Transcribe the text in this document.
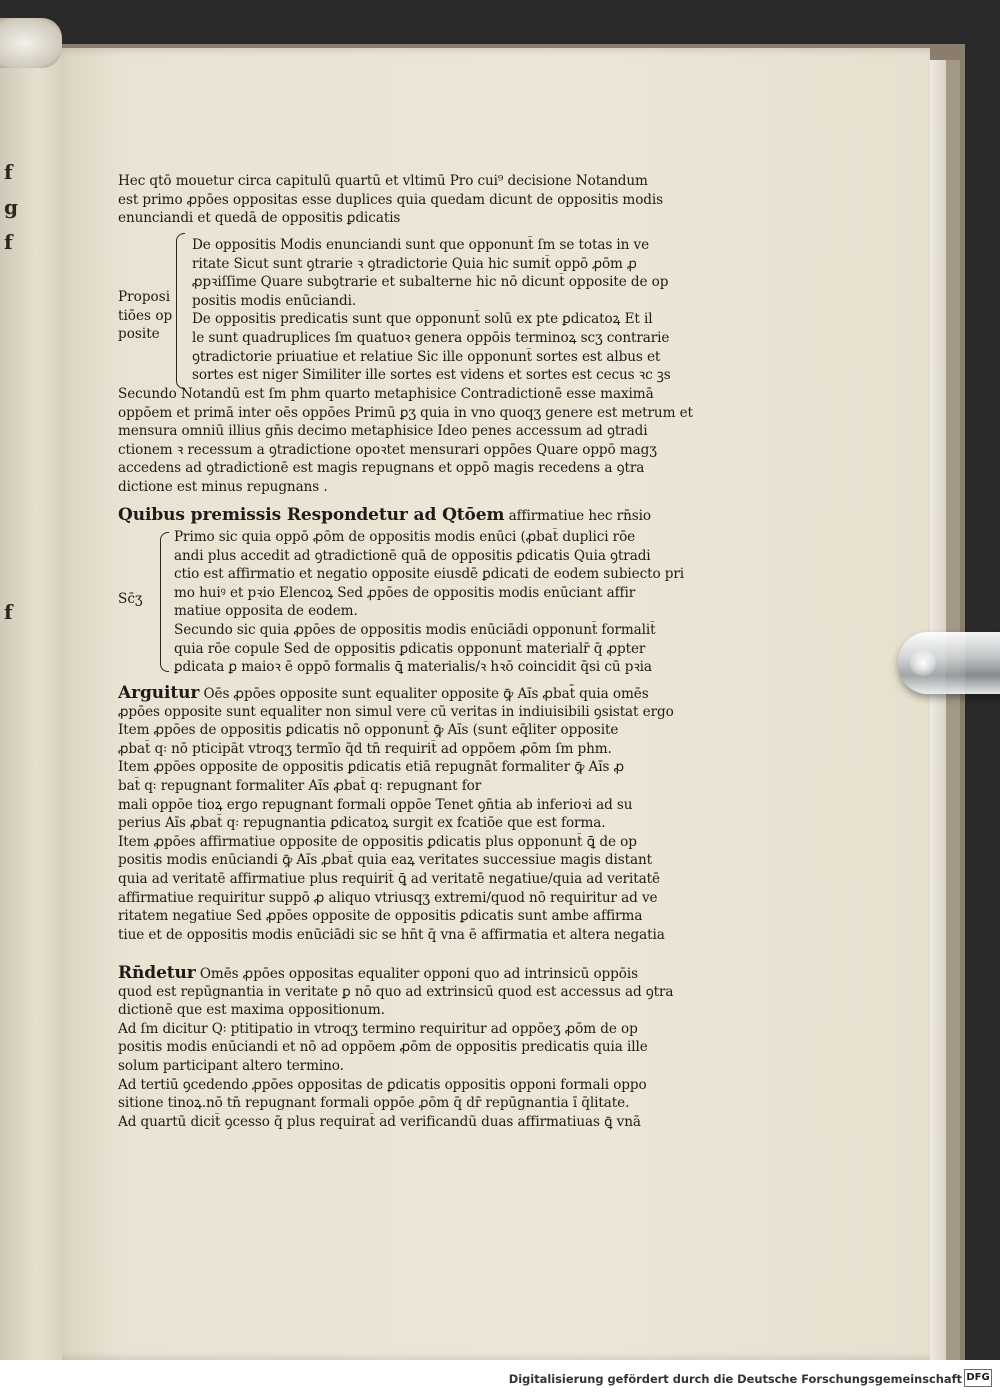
f
g
f
f
Proposi
tiōes op
posite
Sc̄ʒ
Hec qtō mouetur circa capitulū quartū et vltimū Pro cui⁹ decisione Notandum
est primo ꝓpōes oppositas esse duplices quia quedam dicunt de oppositis modis
enunciandi et quedā de oppositis ꝑdicatis
De oppositis Modis enunciandi sunt que opponunt̄ ſm se totas in ve
ritate Sicut sunt ꝯtrarie ꝛ ꝯtradictorie Quia hic sumit̄ oppō ꝓōm ꝓ
ꝓpꝛiſſime Quare subꝯtrarie et subalterne hic nō dicunt̄ opposite de op
positis modis enūciandi.
De oppositis predicatis sunt que opponunt̄ solū ex pte ꝑdicatoꝝ Et il
le sunt quadruplices ſm quatuoꝛ genera oppōis terminoꝝ scʒ contrarie
ꝯtradictorie priuatiue et relatiue Sic ille opponunt̄ sortes est albus et
sortes est niger Similiter ille sortes est videns et sortes est cecus ꝛc ꝫs
Secundo Notandū est ſm phm quarto metaphisice Contradictionē esse maximā
oppōem et primā inter oēs oppōes Primū ꝑʒ quia in vno quoqʒ genere est metrum et
mensura omniū illius gn̄is decimo metaphisice Ideo penes accessum ad ꝯtradi
ctionem ꝛ recessum a ꝯtradictione opoꝛtet mensurari oppōes Quare oppō magʒ
accedens ad ꝯtradictionē est magis repugnans et oppō magis recedens a ꝯtra
dictione est minus repugnans .
Quibus premissis Respondetur ad Qtōem affirmatiue hec rn̄sio
Primo sic quia oppō ꝓōm de oppositis modis enūci (ꝓbat̄ duplici rōe
andi plus accedit ad ꝯtradictionē quā de oppositis ꝑdicatis Quia ꝯtradi
ctio est affirmatio et negatio opposite eiusdē ꝑdicati de eodem subiecto pri
mo huiꝰ et pꝛio Elencoꝝ Sed ꝓpōes de oppositis modis enūciant affir
matiue opposita de eodem.
Secundo sic quia ꝓpōes de oppositis modis enūciādi opponunt̄ formalit̄
quia rōe copule Sed de oppositis ꝑdicatis opponunt̄ materialr̄ q̄ ꝓpter
ꝑdicata ꝑ maioꝛ ē oppō formalis ꝗ̄ materialis/ꝛ hꝛō coincidit q̄si cū pꝛia
Arguitur Oēs ꝓpōes opposite sunt equaliter opposite ꝙ̄ Aı̄s ꝓbat̄ quia omēs
ꝓpōes opposite sunt equaliter non simul vere cū veritas in indiuisibili ꝯsistat ergo
Item ꝓpōes de oppositis ꝑdicatis nō opponunt̄ ꝙ̄ Aı̄s (sunt eq̄liter opposite
ꝓbat̄ q꞉ nō pticipāt vtroqʒ termīo q̄d tn̄ requirit̄ ad oppōem ꝓōm ſm phm.
Item ꝓpōes opposite de oppositis ꝑdicatis etiā repugnāt formaliter ꝙ̄ Aı̄s ꝓ
bat̄ q꞉ repugnant formaliter Aı̄s ꝓbat̄ q꞉ repugnant for
mali oppōe tioꝝ ergo repugnant formali oppōe Tenet ꝯn̄tia ab inferioꝛi ad su
perius Aı̄s ꝓbat̄ q꞉ repugnantia ꝑdicatoꝝ surgit ex fcatiōe que est forma.
Item ꝓpōes affirmatiue opposite de oppositis ꝑdicatis plus opponunt̄ ꝗ̄ de op
positis modis enūciandi ꝙ̄ Aı̄s ꝓbat̄ quia eaꝝ veritates successiue magis distant
quia ad veritatē affirmatiue plus requirit̄ ꝗ̄ ad veritatē negatiue/quia ad veritatē
affirmatiue requiritur suppō ꝓ aliquo vtriusqʒ extremi/quod nō requiritur ad ve
ritatem negatiue Sed ꝓpōes opposite de oppositis ꝑdicatis sunt ambe affirma
tiue et de oppositis modis enūciādi sic se hn̄t q̄ vna ē affirmatia et altera negatia
Rn̄detur Omēs ꝓpōes oppositas equaliter opponi quo ad intrinsicū oppōis
quod est repūgnantia in veritate ꝑ nō quo ad extrinsicū quod est accessus ad ꝯtra
dictionē que est maxima oppositionum.
Ad ſm dicitur Q꞉ ptitipatio in vtroqʒ termino requiritur ad oppōeʒ ꝓōm de op
positis modis enūciandi et nō ad oppōem ꝓōm de oppositis predicatis quia ille
solum participant altero termino.
Ad tertiū ꝯcedendo ꝓpōes oppositas de ꝑdicatis oppositis opponi formali oppo
sitione tinoꝝ.nō tn̄ repugnant formali oppōe ꝓōm q̄ dr̄ repūgnantia ı̄ q̄litate.
Ad quartū dicit̄ ꝯcesso q̄ plus requirat̄ ad verificandū duas affirmatiuas ꝗ̄ vnā
Digitalisierung gefördert durch die Deutsche Forschungsgemeinschaft DFG
